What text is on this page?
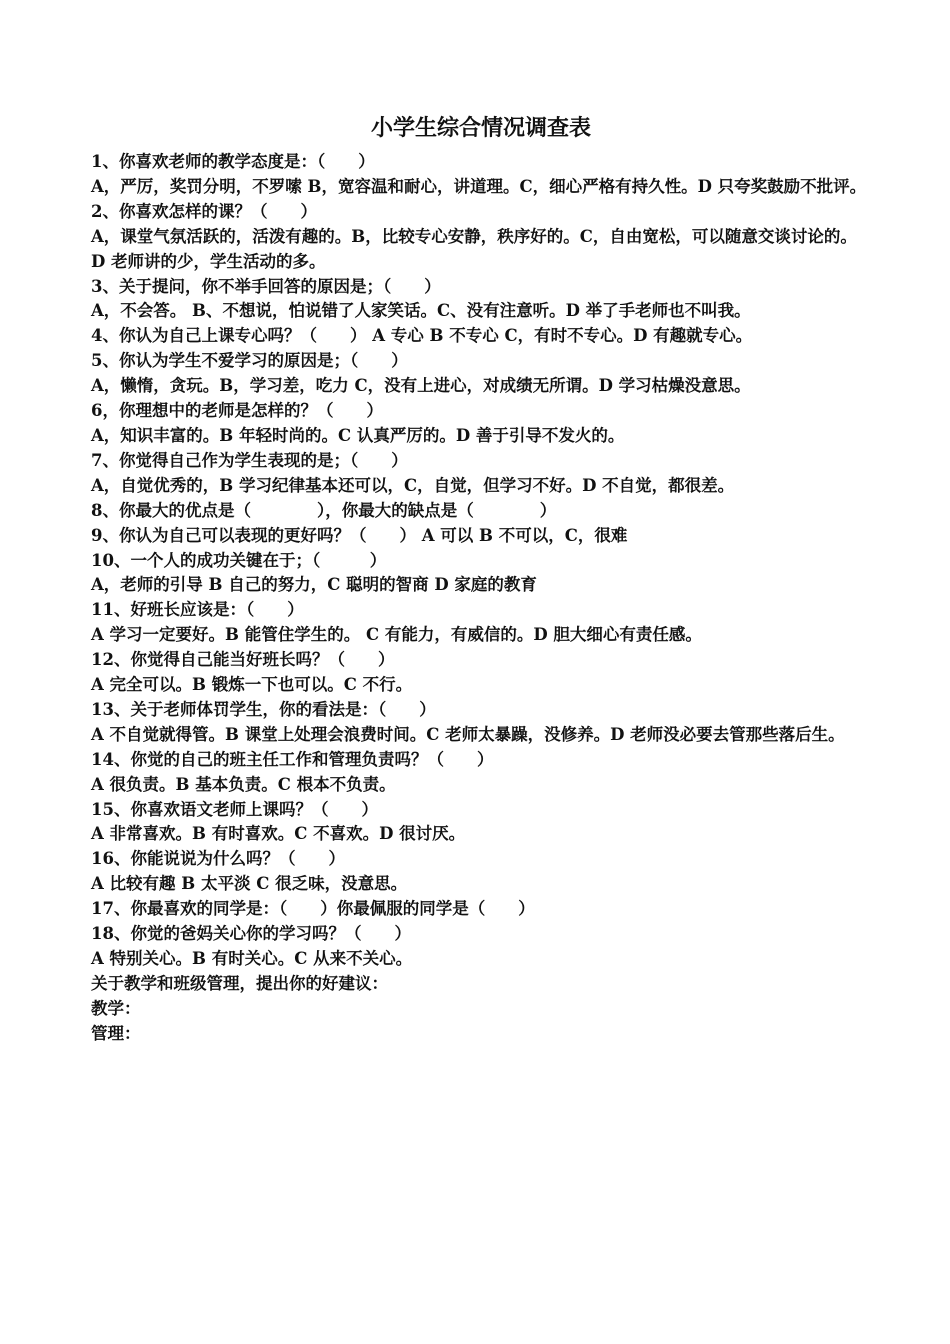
小学生综合情况调查表
1、你喜欢老师的教学态度是：（　　）
A，严厉，奖罚分明，不罗嗦 B，宽容温和耐心，讲道理。C，细心严格有持久性。D 只夸奖鼓励不批评。
2、你喜欢怎样的课？（　　）
A，课堂气氛活跃的，活泼有趣的。B，比较专心安静，秩序好的。C，自由宽松，可以随意交谈讨论的。D 老师讲的少，学生活动的多。
3、关于提问，你不举手回答的原因是；（　　）
A，不会答。 B、不想说，怕说错了人家笑话。C、没有注意听。D 举了手老师也不叫我。
4、你认为自己上课专心吗？（　　） A 专心 B 不专心 C，有时不专心。D 有趣就专心。
5、你认为学生不爱学习的原因是；（　　）
A，懒惰，贪玩。B，学习差，吃力 C，没有上进心，对成绩无所谓。D 学习枯燥没意思。
6，你理想中的老师是怎样的？（　　）
A，知识丰富的。B 年轻时尚的。C 认真严厉的。D 善于引导不发火的。
7、你觉得自己作为学生表现的是；（　　）
A，自觉优秀的，B 学习纪律基本还可以，C，自觉，但学习不好。D 不自觉，都很差。
8、你最大的优点是（　　　　），你最大的缺点是（　　　　）
9、你认为自己可以表现的更好吗？（　　） A 可以 B 不可以，C，很难
10、一个人的成功关键在于；（　　　）
A，老师的引导 B 自己的努力，C 聪明的智商 D 家庭的教育
11、好班长应该是：（　　）
A 学习一定要好。B 能管住学生的。 C 有能力，有威信的。D 胆大细心有责任感。
12、你觉得自己能当好班长吗？（　　）
A 完全可以。B 锻炼一下也可以。C 不行。
13、关于老师体罚学生，你的看法是：（　　）
A 不自觉就得管。B 课堂上处理会浪费时间。C 老师太暴躁，没修养。D 老师没必要去管那些落后生。
14、你觉的自己的班主任工作和管理负责吗？（　　）
A 很负责。B 基本负责。C 根本不负责。
15、你喜欢语文老师上课吗？（　　）
A 非常喜欢。B 有时喜欢。C 不喜欢。D 很讨厌。
16、你能说说为什么吗？（　　）
A 比较有趣 B 太平淡 C 很乏味，没意思。
17、你最喜欢的同学是：（　　）你最佩服的同学是（　　）
18、你觉的爸妈关心你的学习吗？（　　）
A 特别关心。B 有时关心。C 从来不关心。
关于教学和班级管理，提出你的好建议：
教学：
管理：
